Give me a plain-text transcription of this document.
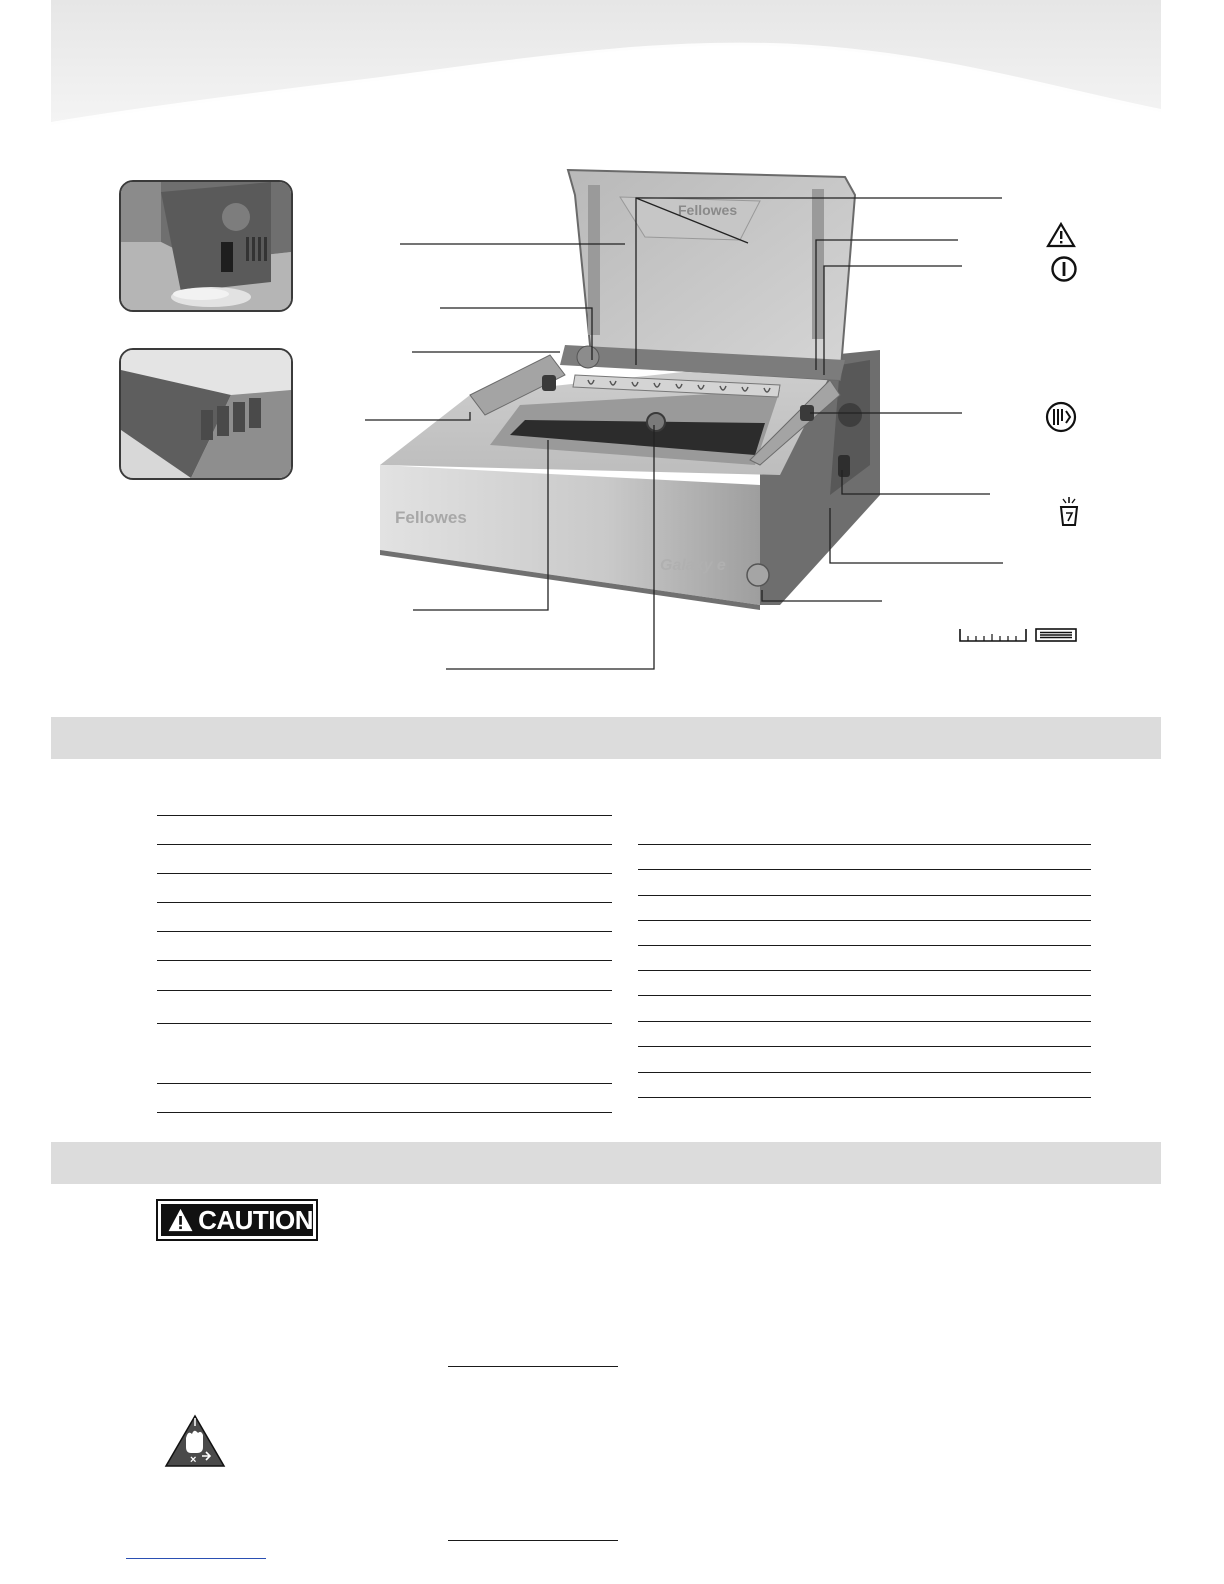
Fellowes
Fellowes
Galaxy e
CAUTION
×
